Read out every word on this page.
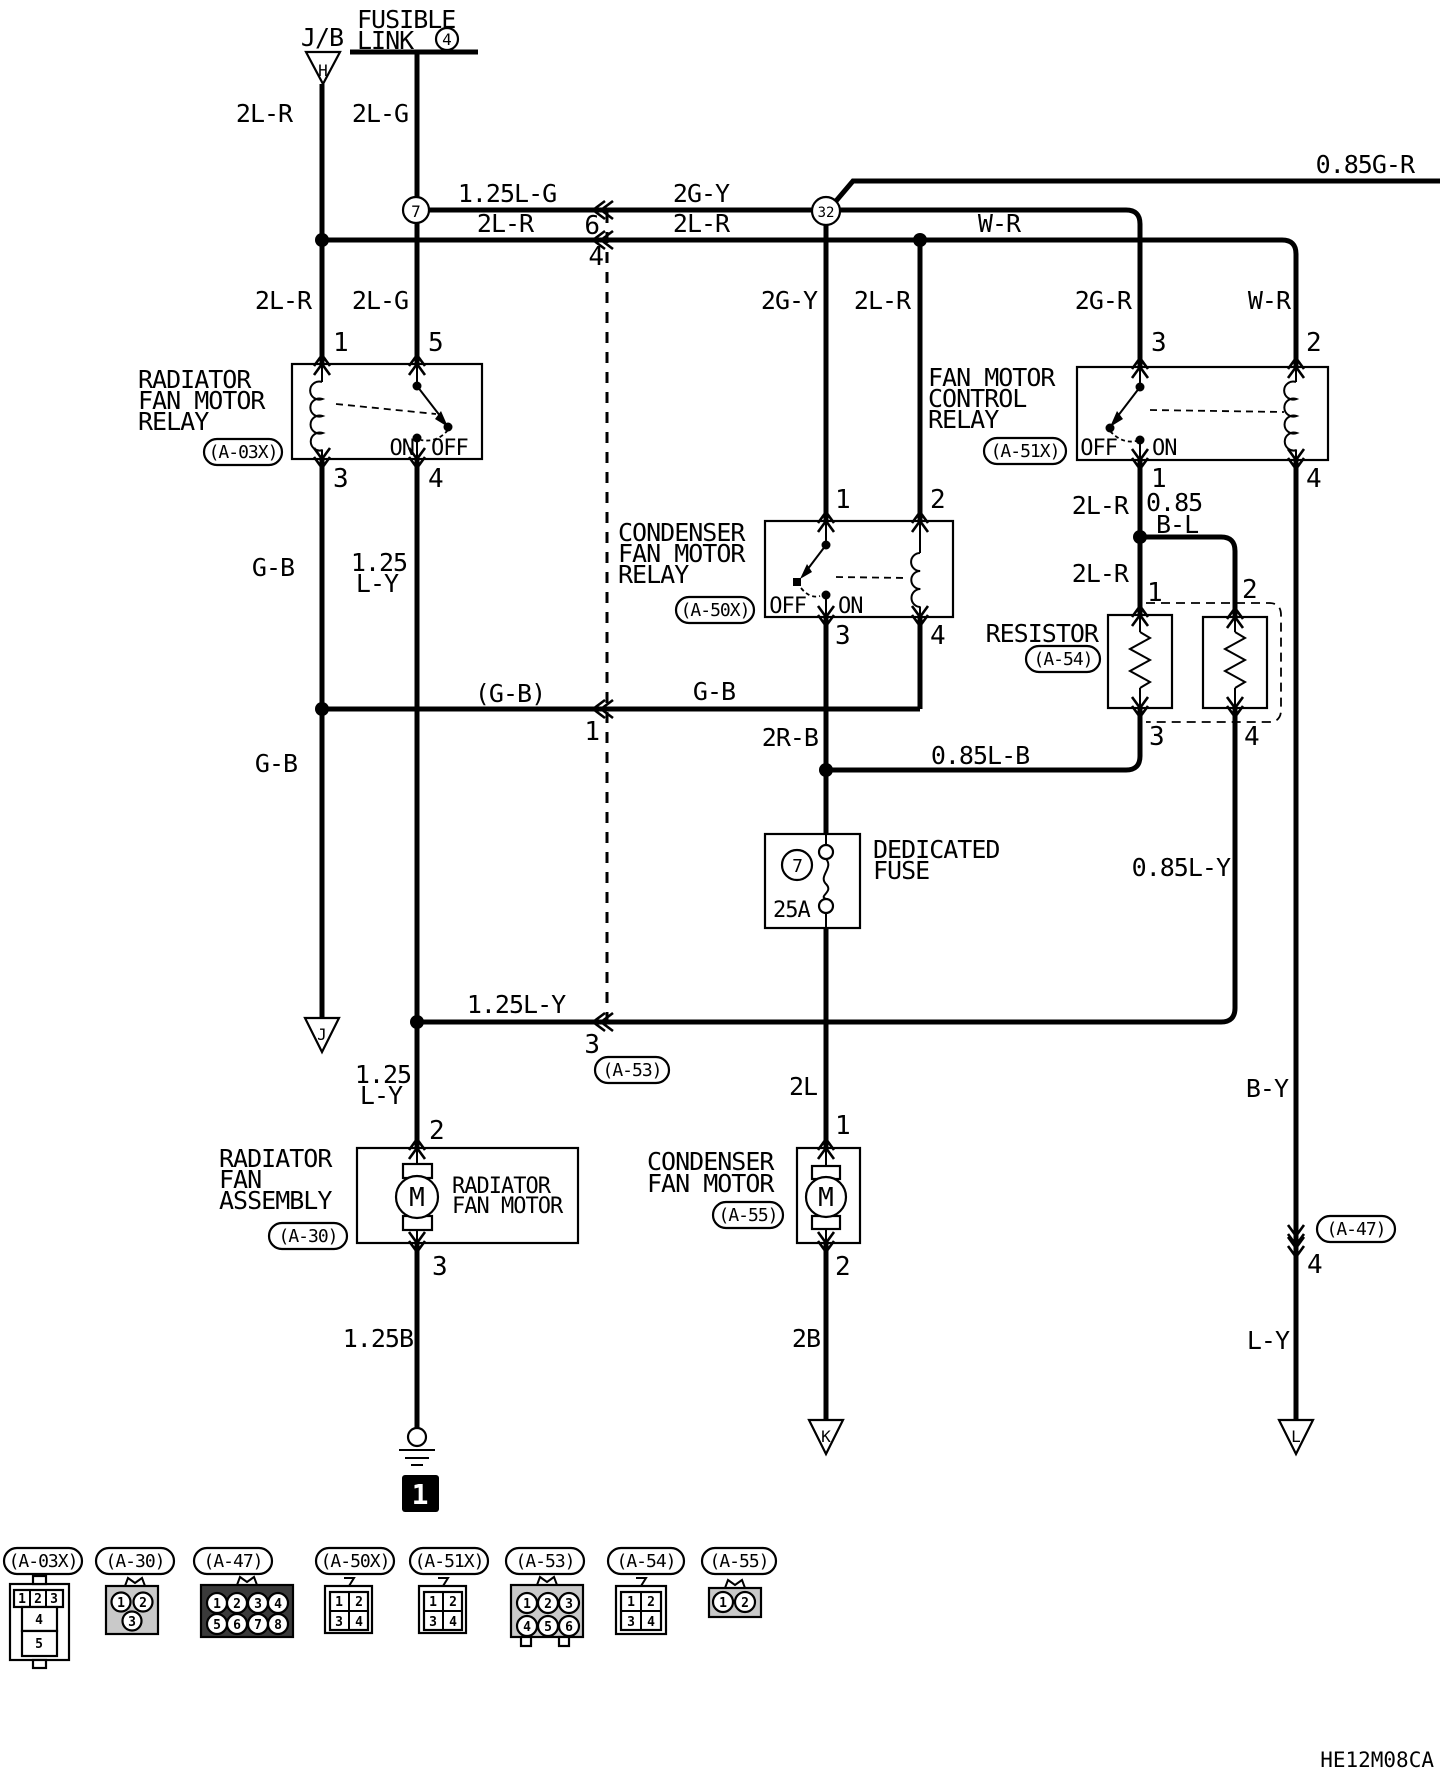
J/B
H
FUSIBLE
LINK 4
7	32
2L-R 2L-G
1.25L-G	2G-Y
2L-R	2L-R	W-R
0.85G-R
2L-R 2L-G	2G-Y 2L-R	2G-R	W-R
G-B 1.25
L-Y
2L-R 0.85
B-L
2L-R
(G-B)	G-B
2R-B
0.85L-B
G-B
0.85L-Y
1.25L-Y
1.25
L-Y	2L	B-Y
1.25B	2B	L-Y
1	5
3	4
3	2
1	4
1	2
3	4
1	2
3	4
2
3
1
2	4
6
4
1
3
ON OFF	OFF ON
OFF ON
RADIATOR
FAN MOTOR
RELAY
(A-03X)
FAN MOTOR
CONTROL
RELAY
(A-51X)
CONDENSER
FAN MOTOR
RELAY
(A-50X)
RESISTOR
(A-54)
DEDICATED
FUSE
7
25A
RADIATOR
FAN
ASSEMBLY
(A-30)
RADIATOR
FAN MOTOR
M
CONDENSER
FAN MOTOR
(A-55)
M
(A-53)
(A-47)
J
K	L
1
HE12M08CA
(A-03X)
1 2 3
4
5
(A-30)
1 2
3
(A-47)
1 2 3 4
5 6 7 8
(A-50X)
1 2
3 4
(A-51X)
1 2
3 4
(A-53)
1 2 3
4 5 6
(A-54)
1 2
3 4
(A-55)
1 2
